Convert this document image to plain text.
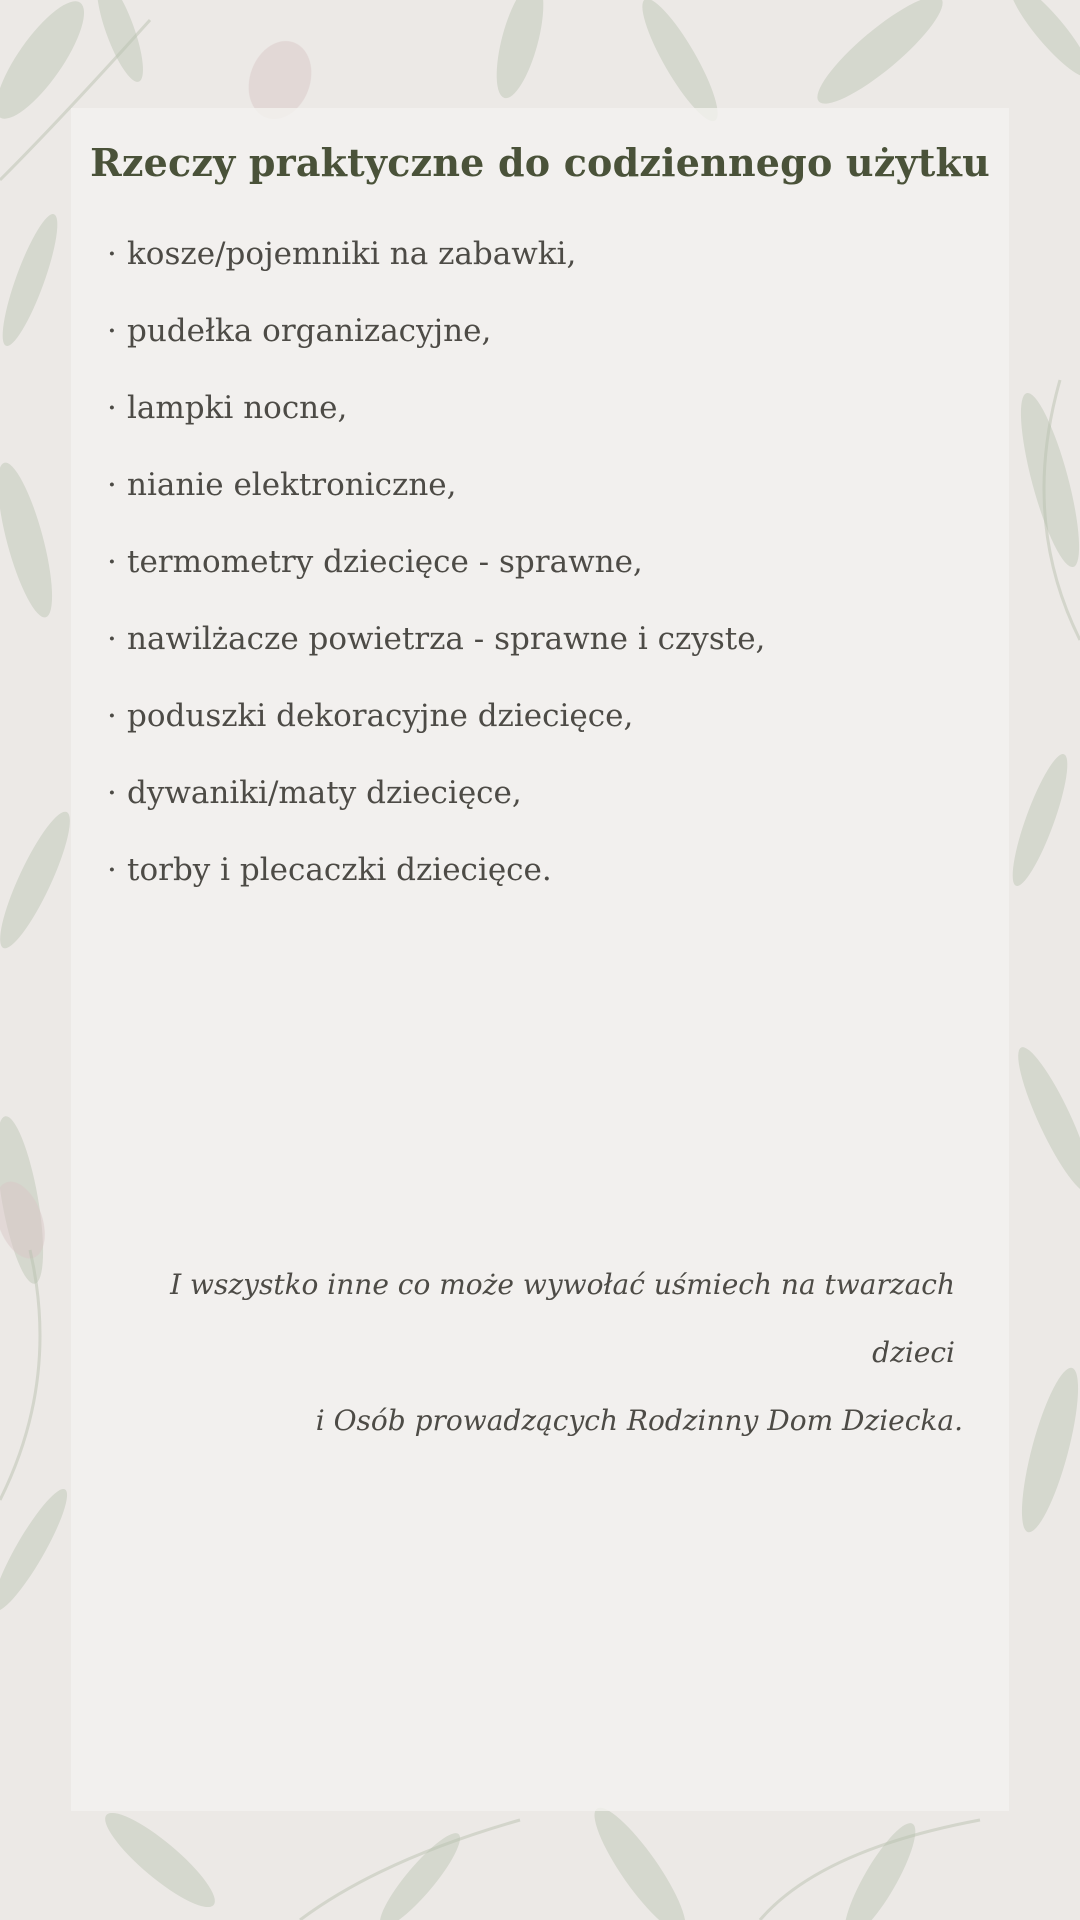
Rzeczy praktyczne do codziennego użytku
· kosze/pojemniki na zabawki,
· pudełka organizacyjne,
· lampki nocne,
· nianie elektroniczne,
· termometry dziecięce - sprawne,
· nawilżacze powietrza - sprawne i czyste,
· poduszki dekoracyjne dziecięce,
· dywaniki/maty dziecięce,
· torby i plecaczki dziecięce.

I wszystko inne co może wywołać uśmiech na twarzach dzieci
i Osób prowadzących Rodzinny Dom Dziecka.
